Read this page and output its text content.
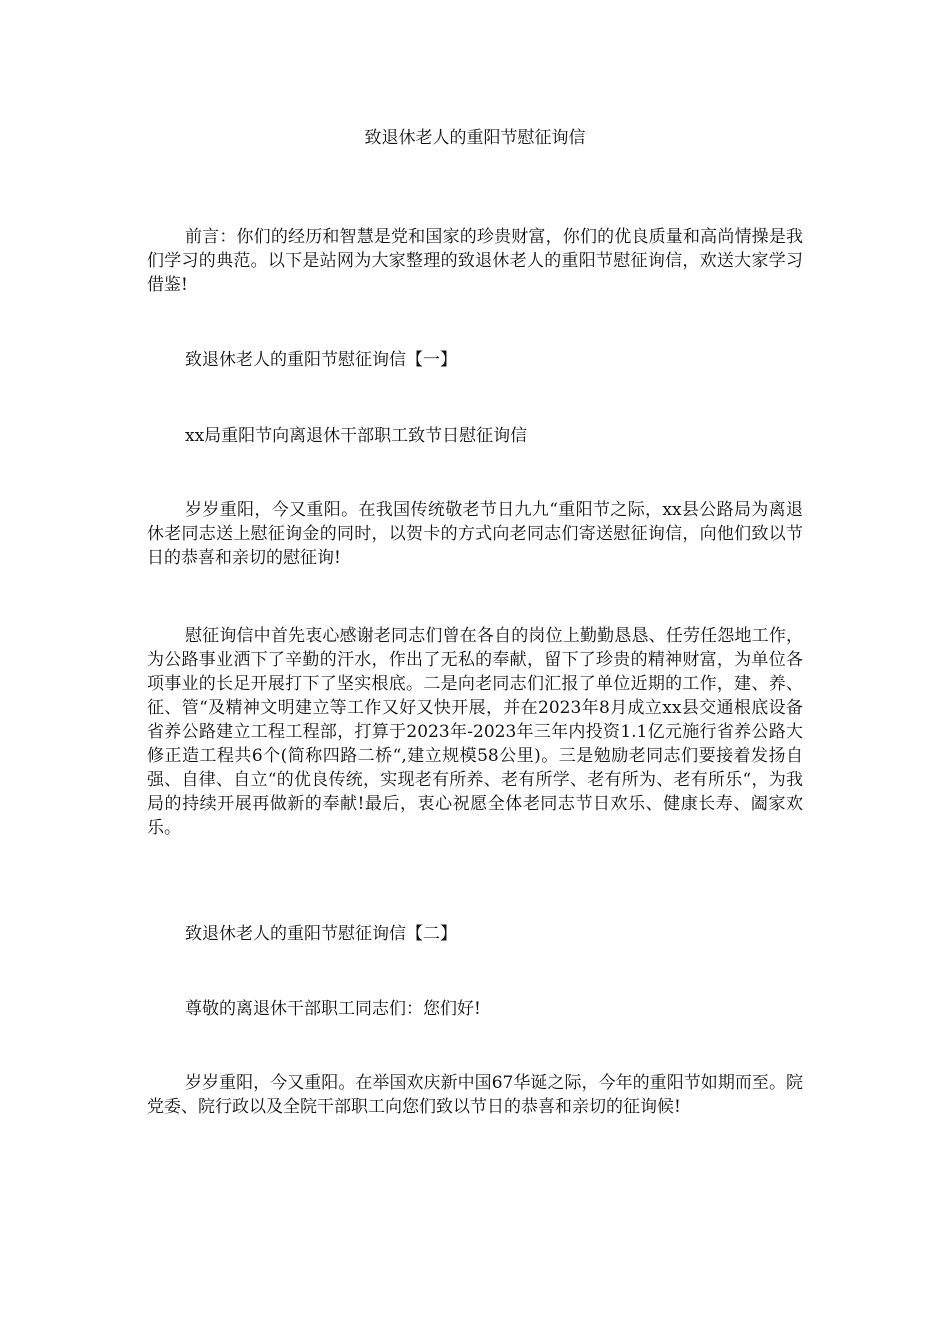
致退休老人的重阳节慰征询信

前言：你们的经历和智慧是党和国家的珍贵财富，你们的优良质量和高尚情操是我们学习的典范。以下是站网为大家整理的致退休老人的重阳节慰征询信，欢送大家学习借鉴!

致退休老人的重阳节慰征询信【一】

xx局重阳节向离退休干部职工致节日慰征询信

岁岁重阳，今又重阳。在我国传统敬老节日九九“重阳节之际，xx县公路局为离退休老同志送上慰征询金的同时，以贺卡的方式向老同志们寄送慰征询信，向他们致以节日的恭喜和亲切的慰征询!

慰征询信中首先衷心感谢老同志们曾在各自的岗位上勤勤恳恳、任劳任怨地工作，为公路事业洒下了辛勤的汗水，作出了无私的奉献，留下了珍贵的精神财富，为单位各项事业的长足开展打下了坚实根底。二是向老同志们汇报了单位近期的工作，建、养、征、管“及精神文明建立等工作又好又快开展，并在2023年8月成立xx县交通根底设备省养公路建立工程工程部，打算于2023年-2023年三年内投资1.1亿元施行省养公路大修正造工程共6个(简称四路二桥“,建立规模58公里)。三是勉励老同志们要接着发扬自强、自律、自立“的优良传统，实现老有所养、老有所学、老有所为、老有所乐“，为我局的持续开展再做新的奉献!最后，衷心祝愿全体老同志节日欢乐、健康长寿、阖家欢乐。

致退休老人的重阳节慰征询信【二】

尊敬的离退休干部职工同志们：您们好!

岁岁重阳，今又重阳。在举国欢庆新中国67华诞之际，今年的重阳节如期而至。院党委、院行政以及全院干部职工向您们致以节日的恭喜和亲切的征询候!
